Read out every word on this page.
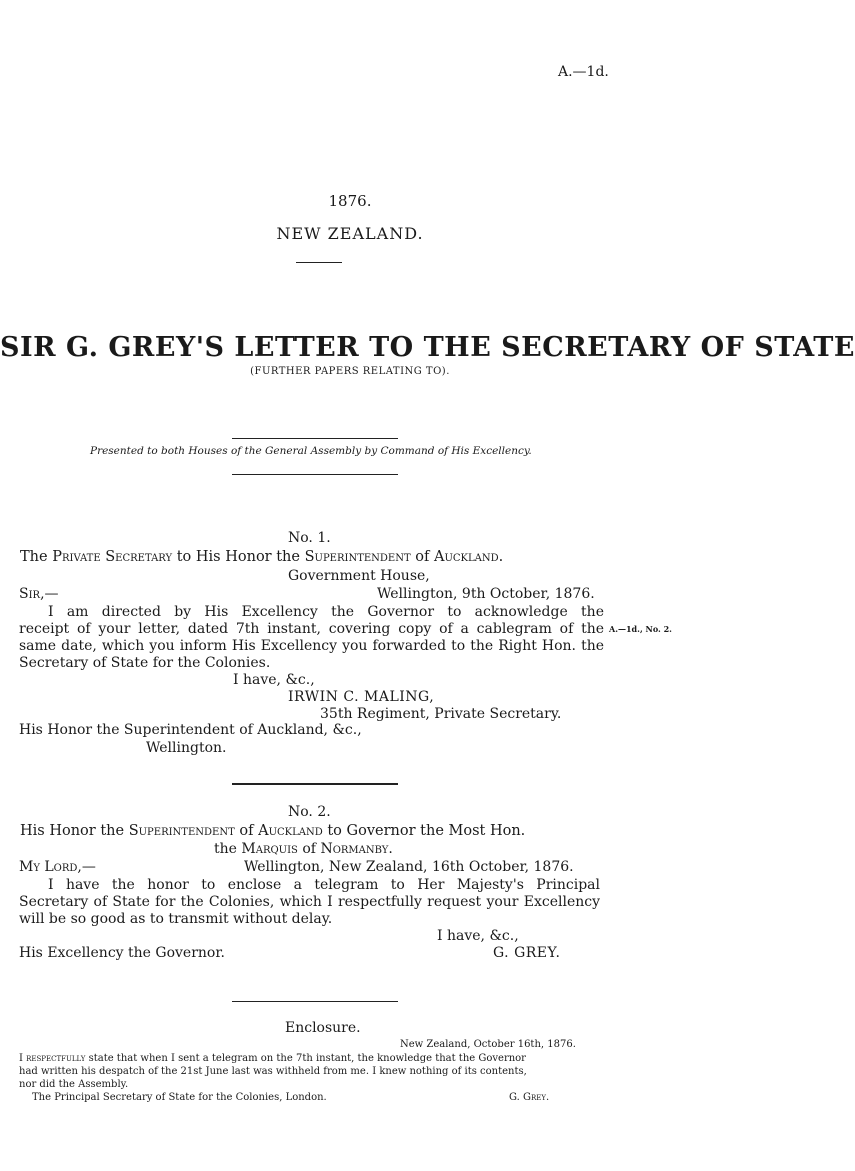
A.—1d.
1876.
NEW ZEALAND.
SIR G. GREY'S LETTER TO THE SECRETARY OF STATE
(FURTHER PAPERS RELATING TO).
Presented to both Houses of the General Assembly by Command of His Excellency.
No. 1.
The Private Secretary to His Honor the Superintendent of Auckland.
Government House,
Sir,—	Wellington, 9th October, 1876.
I am directed by His Excellency the Governor to acknowledge the
receipt of your letter, dated 7th instant, covering copy of a cablegram of the A.—1d., No. 2.
same date, which you inform His Excellency you forwarded to the Right Hon. the
Secretary of State for the Colonies.
I have, &c.,
IRWIN C. MALING,
35th Regiment, Private Secretary.
His Honor the Superintendent of Auckland, &c.,
Wellington.
No. 2.
His Honor the Superintendent of Auckland to Governor the Most Hon.
the Marquis of Normanby.
My Lord,—	Wellington, New Zealand, 16th October, 1876.
I have the honor to enclose a telegram to Her Majesty's Principal
Secretary of State for the Colonies, which I respectfully request your Excellency
will be so good as to transmit without delay.
I have, &c.,
His Excellency the Governor.	G. GREY.
Enclosure.
New Zealand, October 16th, 1876.
I respectfully state that when I sent a telegram on the 7th instant, the knowledge that the Governor
had written his despatch of the 21st June last was withheld from me. I knew nothing of its contents,
nor did the Assembly.
The Principal Secretary of State for the Colonies, London.	G. Grey.
